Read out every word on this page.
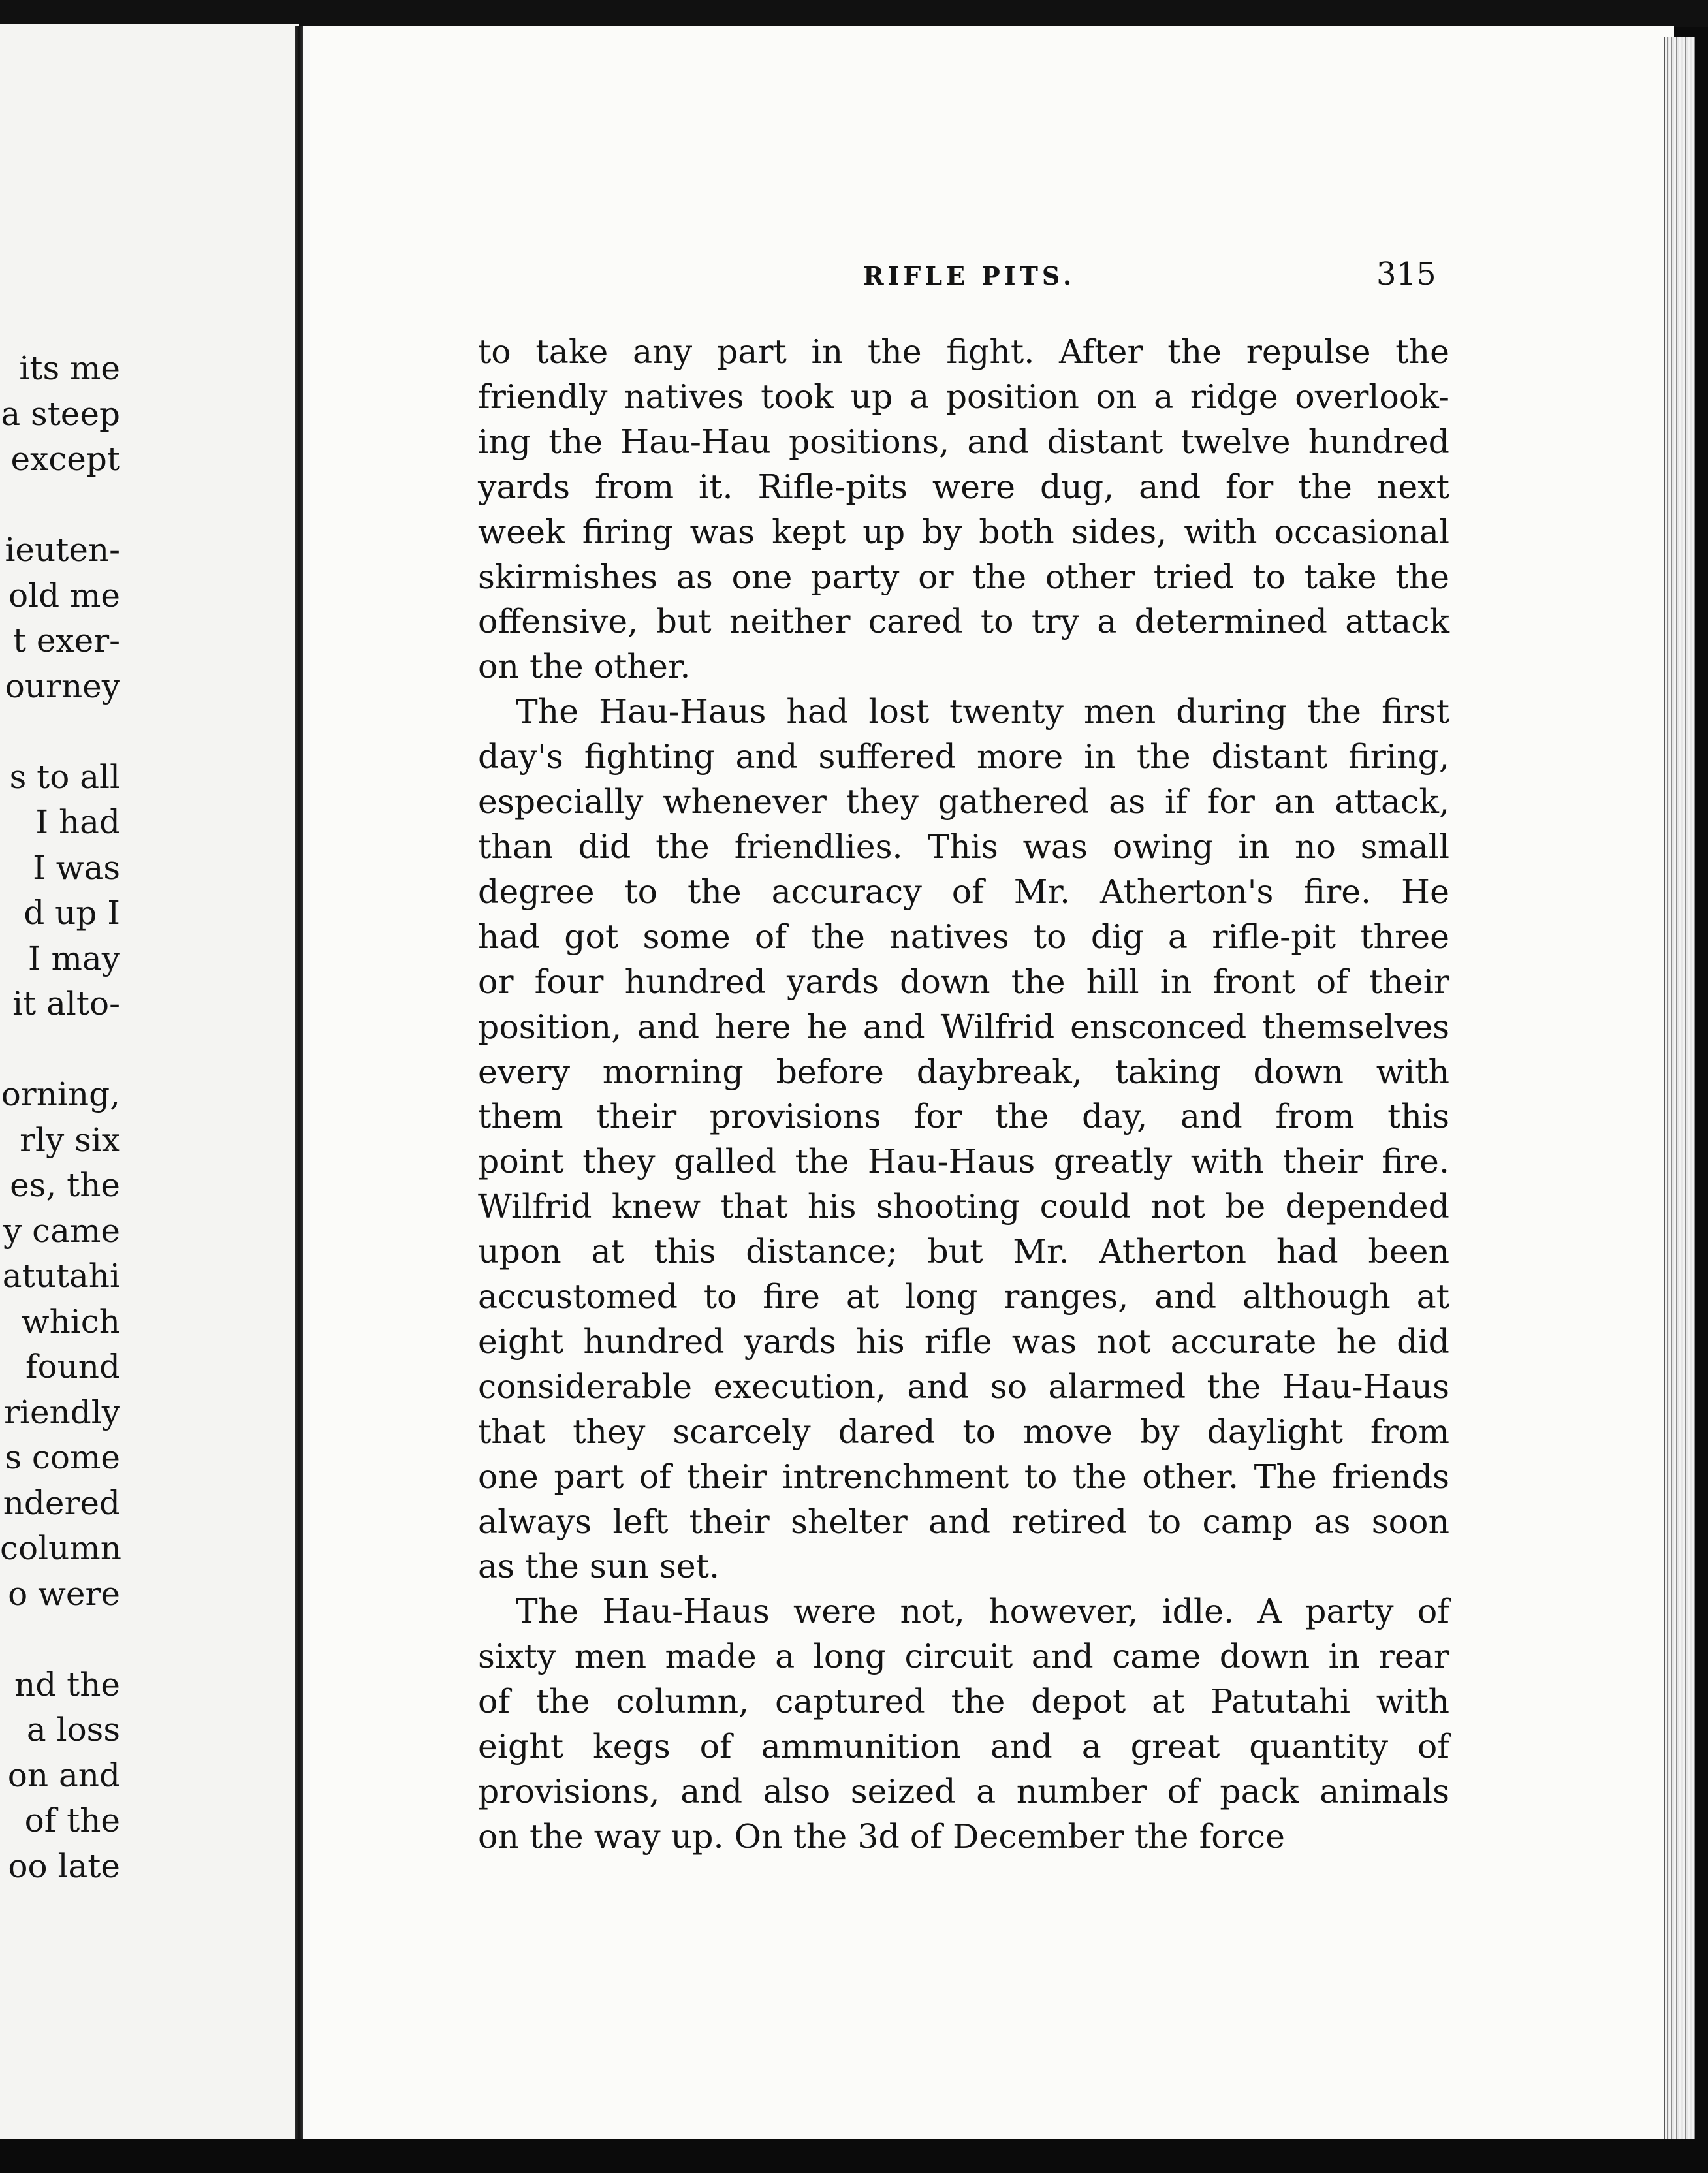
its me
a steep
except
ieuten-
old me
t exer-
ourney
s to all
I had
I was
d up I
I may
it alto-
orning,
rly six
es, the
y came
atutahi
which
found
riendly
s come
ndered
column
o were
nd the
a loss
on and
of the
oo late
RIFLE PITS.	315
to take any part in the fight. After the repulse the
friendly natives took up a position on a ridge overlook-
ing the Hau-Hau positions, and distant twelve hundred
yards from it. Rifle-pits were dug, and for the next
week firing was kept up by both sides, with occasional
skirmishes as one party or the other tried to take the
offensive, but neither cared to try a determined attack
on the other.
The Hau-Haus had lost twenty men during the first
day's fighting and suffered more in the distant firing,
especially whenever they gathered as if for an attack,
than did the friendlies. This was owing in no small
degree to the accuracy of Mr. Atherton's fire. He
had got some of the natives to dig a rifle-pit three
or four hundred yards down the hill in front of their
position, and here he and Wilfrid ensconced themselves
every morning before daybreak, taking down with
them their provisions for the day, and from this
point they galled the Hau-Haus greatly with their fire.
Wilfrid knew that his shooting could not be depended
upon at this distance; but Mr. Atherton had been
accustomed to fire at long ranges, and although at
eight hundred yards his rifle was not accurate he did
considerable execution, and so alarmed the Hau-Haus
that they scarcely dared to move by daylight from
one part of their intrenchment to the other. The friends
always left their shelter and retired to camp as soon
as the sun set.
The Hau-Haus were not, however, idle. A party of
sixty men made a long circuit and came down in rear
of the column, captured the depot at Patutahi with
eight kegs of ammunition and a great quantity of
provisions, and also seized a number of pack animals
on the way up. On the 3d of December the force
